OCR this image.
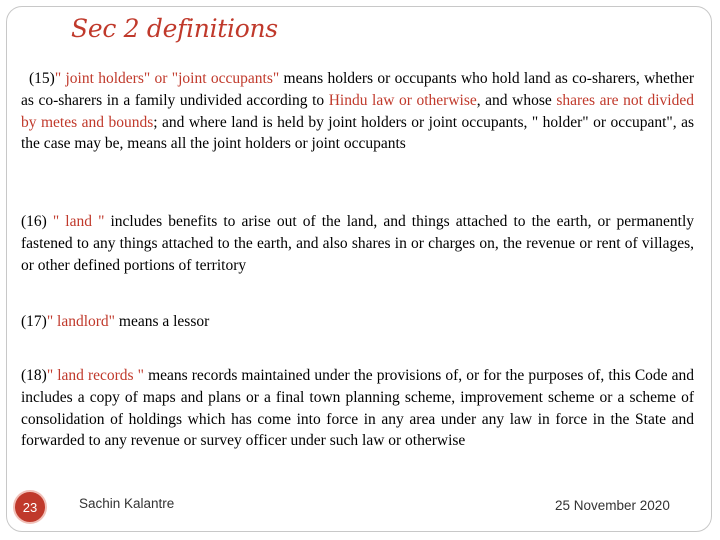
Sec 2 definitions

(15)" joint holders" or "joint occupants" means holders or occupants who hold land as co-sharers, whether as co-sharers in a family undivided according to Hindu law or otherwise, and whose shares are not divided by metes and bounds; and where land is held by joint holders or joint occupants, " holder" or occupant", as the case may be, means all the joint holders or joint occupants

(16) " land " includes benefits to arise out of the land, and things attached to the earth, or permanently fastened to any things attached to the earth, and also shares in or charges on, the revenue or rent of villages, or other defined portions of territory

(17)" landlord" means a lessor

(18)" land records " means records maintained under the provisions of, or for the purposes of, this Code and includes a copy of maps and plans or a final town planning scheme, improvement scheme or a scheme of consolidation of holdings which has come into force in any area under any law in force in the State and forwarded to any revenue or survey officer under such law or otherwise

23	Sachin Kalantre	25 November 2020
